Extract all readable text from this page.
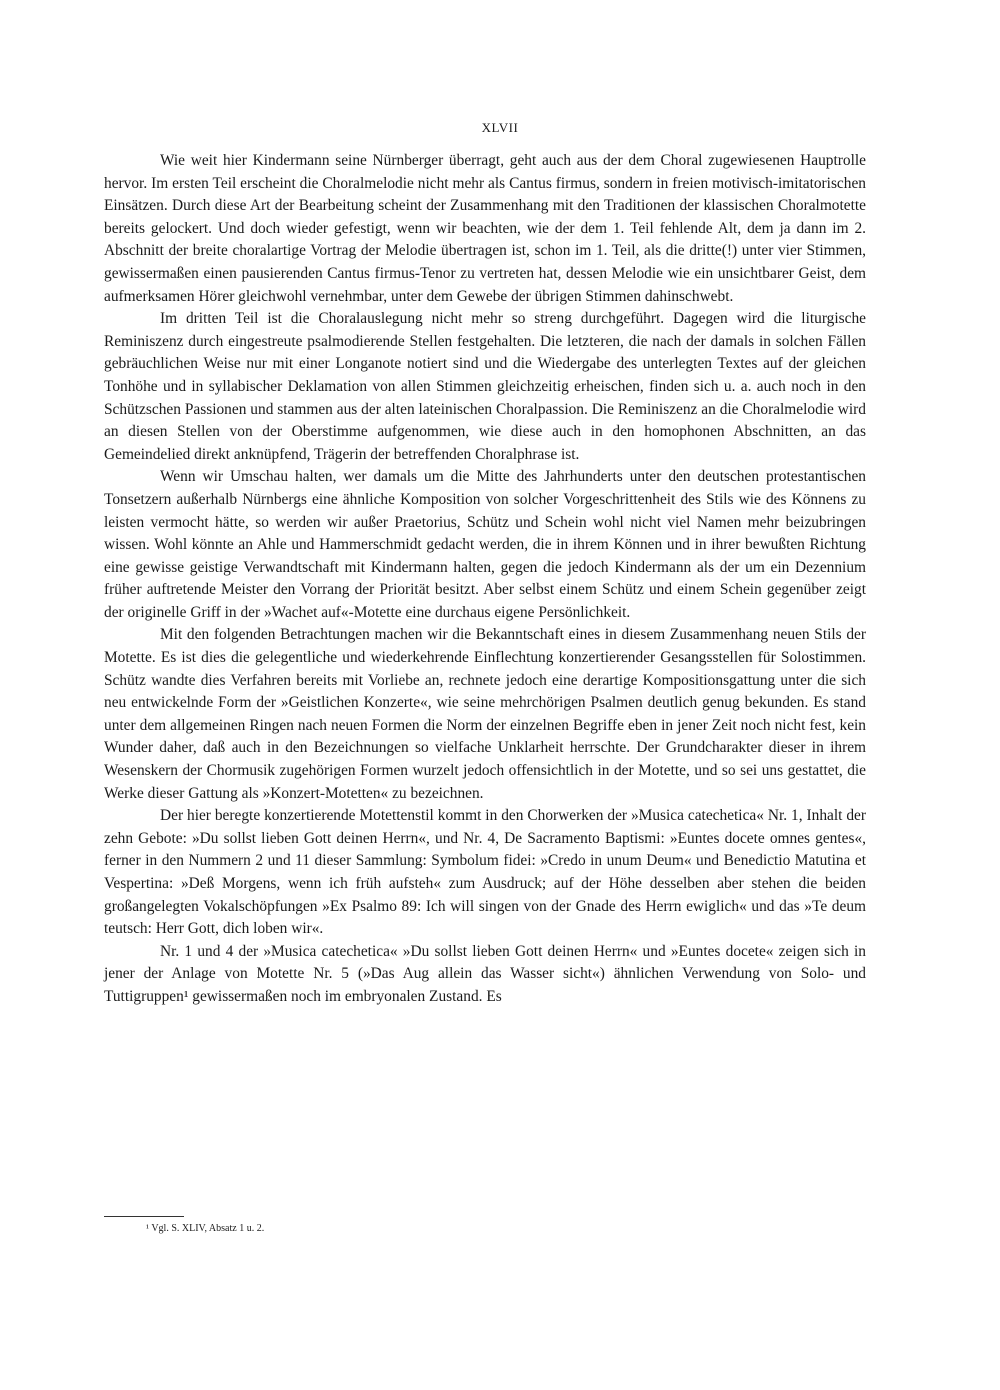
XLVII

Wie weit hier Kindermann seine Nürnberger überragt, geht auch aus der dem Choral zugewiesenen Hauptrolle hervor. Im ersten Teil erscheint die Choralmelodie nicht mehr als Cantus firmus, sondern in freien motivisch-imitatorischen Einsätzen. Durch diese Art der Bearbeitung scheint der Zusammenhang mit den Traditionen der klassischen Choralmotette bereits gelockert. Und doch wieder gefestigt, wenn wir beachten, wie der dem 1. Teil fehlende Alt, dem ja dann im 2. Abschnitt der breite choralartige Vortrag der Melodie übertragen ist, schon im 1. Teil, als die dritte(!) unter vier Stimmen, gewissermaßen einen pausierenden Cantus firmus-Tenor zu vertreten hat, dessen Melodie wie ein unsichtbarer Geist, dem aufmerksamen Hörer gleichwohl vernehmbar, unter dem Gewebe der übrigen Stimmen dahinschwebt.

Im dritten Teil ist die Choralauslegung nicht mehr so streng durchgeführt. Dagegen wird die liturgische Reminiszenz durch eingestreute psalmodierende Stellen festgehalten. Die letzteren, die nach der damals in solchen Fällen gebräuchlichen Weise nur mit einer Longanote notiert sind und die Wiedergabe des unterlegten Textes auf der gleichen Tonhöhe und in syllabischer Deklamation von allen Stimmen gleichzeitig erheischen, finden sich u. a. auch noch in den Schützschen Passionen und stammen aus der alten lateinischen Choralpassion. Die Reminiszenz an die Choralmelodie wird an diesen Stellen von der Oberstimme aufgenommen, wie diese auch in den homophonen Abschnitten, an das Gemeindelied direkt anknüpfend, Trägerin der betreffenden Choralphrase ist.

Wenn wir Umschau halten, wer damals um die Mitte des Jahrhunderts unter den deutschen protestantischen Tonsetzern außerhalb Nürnbergs eine ähnliche Komposition von solcher Vorgeschrittenheit des Stils wie des Könnens zu leisten vermocht hätte, so werden wir außer Praetorius, Schütz und Schein wohl nicht viel Namen mehr beizubringen wissen. Wohl könnte an Ahle und Hammerschmidt gedacht werden, die in ihrem Können und in ihrer bewußten Richtung eine gewisse geistige Verwandtschaft mit Kindermann halten, gegen die jedoch Kindermann als der um ein Dezennium früher auftretende Meister den Vorrang der Priorität besitzt. Aber selbst einem Schütz und einem Schein gegenüber zeigt der originelle Griff in der »Wachet auf«-Motette eine durchaus eigene Persönlichkeit.

Mit den folgenden Betrachtungen machen wir die Bekanntschaft eines in diesem Zusammenhang neuen Stils der Motette. Es ist dies die gelegentliche und wiederkehrende Einflechtung konzertierender Gesangsstellen für Solostimmen. Schütz wandte dies Verfahren bereits mit Vorliebe an, rechnete jedoch eine derartige Kompositionsgattung unter die sich neu entwickelnde Form der »Geistlichen Konzerte«, wie seine mehrchörigen Psalmen deutlich genug bekunden. Es stand unter dem allgemeinen Ringen nach neuen Formen die Norm der einzelnen Begriffe eben in jener Zeit noch nicht fest, kein Wunder daher, daß auch in den Bezeichnungen so vielfache Unklarheit herrschte. Der Grundcharakter dieser in ihrem Wesenskern der Chormusik zugehörigen Formen wurzelt jedoch offensichtlich in der Motette, und so sei uns gestattet, die Werke dieser Gattung als »Konzert-Motetten« zu bezeichnen.

Der hier beregte konzertierende Motettenstil kommt in den Chorwerken der »Musica catechetica« Nr. 1, Inhalt der zehn Gebote: »Du sollst lieben Gott deinen Herrn«, und Nr. 4, De Sacramento Baptismi: »Euntes docete omnes gentes«, ferner in den Nummern 2 und 11 dieser Sammlung: Symbolum fidei: »Credo in unum Deum« und Benedictio Matutina et Vespertina: »Deß Morgens, wenn ich früh aufsteh« zum Ausdruck; auf der Höhe desselben aber stehen die beiden großangelegten Vokalschöpfungen »Ex Psalmo 89: Ich will singen von der Gnade des Herrn ewiglich« und das »Te deum teutsch: Herr Gott, dich loben wir«.

Nr. 1 und 4 der »Musica catechetica« »Du sollst lieben Gott deinen Herrn« und »Euntes docete« zeigen sich in jener der Anlage von Motette Nr. 5 (»Das Aug allein das Wasser sicht«) ähnlichen Verwendung von Solo- und Tuttigruppen¹ gewissermaßen noch im embryonalen Zustand. Es

¹ Vgl. S. XLIV, Absatz 1 u. 2.
